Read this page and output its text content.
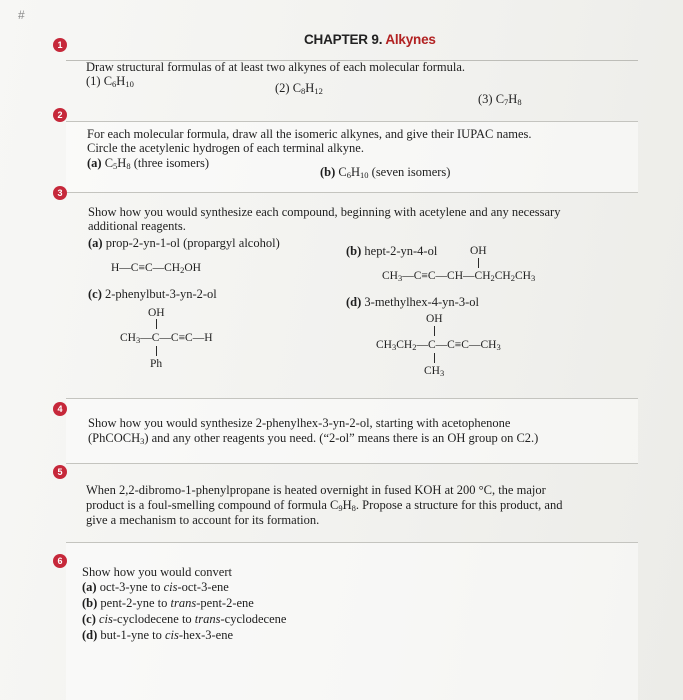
#
CHAPTER 9. Alkynes
1
2
3
4
5
6
Draw structural formulas of at least two alkynes of each molecular formula.
(1) $C_6H_{10}$	(2) $C_8H_{12}$
(3) $C_7H_8$
For each molecular formula, draw all the isomeric alkynes, and give their IUPAC names.
Circle the acetylenic hydrogen of each terminal alkyne.
(a) $C_5H_8$ (three isomers)
(b) $C_6H_{10}$ (seven isomers)
Show how you would synthesize each compound, beginning with acetylene and any necessary
additional reagents.
(a) prop-2-yn-1-ol (propargyl alcohol)
$H—C\equiv C—CH_2OH$
(b) hept-2-yn-4-ol	OH
$CH_3—C\equiv C—CH—CH_2CH_2CH_3$
(c) 2-phenylbut-3-yn-2-ol
OH
$CH_3—C—C\equiv C—H$
Ph
(d) 3-methylhex-4-yn-3-ol
OH
$CH_3CH_2—C—C\equiv C—CH_3$
$CH_3$
Show how you would synthesize 2-phenylhex-3-yn-2-ol, starting with acetophenone
(PhCOCH$_3$) and any other reagents you need. (“2-ol” means there is an OH group on C2.)
When 2,2-dibromo-1-phenylpropane is heated overnight in fused KOH at 200 °C, the major
product is a foul-smelling compound of formula $C_9H_8$. Propose a structure for this product, and
give a mechanism to account for its formation.
Show how you would convert
(a) oct-3-yne to cis-oct-3-ene
(b) pent-2-yne to trans-pent-2-ene
(c) cis-cyclodecene to trans-cyclodecene
(d) but-1-yne to cis-hex-3-ene
